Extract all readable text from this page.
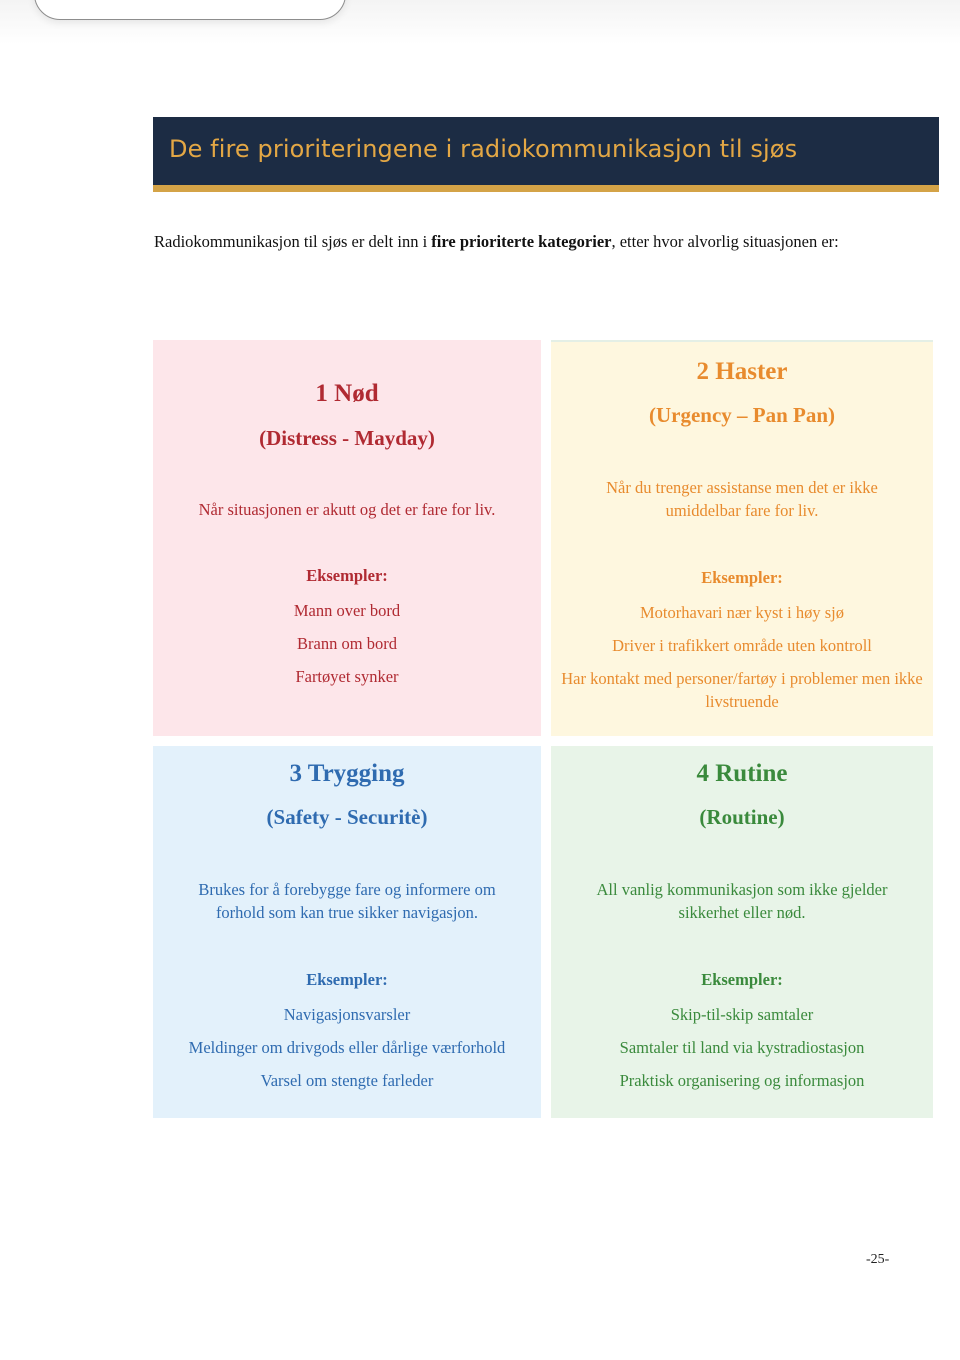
De fire prioriteringene i radiokommunikasjon til sjøs

Radiokommunikasjon til sjøs er delt inn i fire prioriterte kategorier, etter hvor alvorlig situasjonen er:

1 Nød
(Distress - Mayday)
Når situasjonen er akutt og det er fare for liv.
Eksempler:
Mann over bord
Brann om bord
Fartøyet synker
2 Haster
(Urgency – Pan Pan)
Når du trenger assistanse men det er ikke umiddelbar fare for liv.
Eksempler:
Motorhavari nær kyst i høy sjø
Driver i trafikkert område uten kontroll
Har kontakt med personer/fartøy i problemer men ikke livstruende
3 Trygging
(Safety - Securitè)
Brukes for å forebygge fare og informere om forhold som kan true sikker navigasjon.
Eksempler:
Navigasjonsvarsler
Meldinger om drivgods eller dårlige værforhold
Varsel om stengte farleder
4 Rutine
(Routine)
All vanlig kommunikasjon som ikke gjelder sikkerhet eller nød.
Eksempler:
Skip-til-skip samtaler
Samtaler til land via kystradiostasjon
Praktisk organisering og informasjon
-25-
